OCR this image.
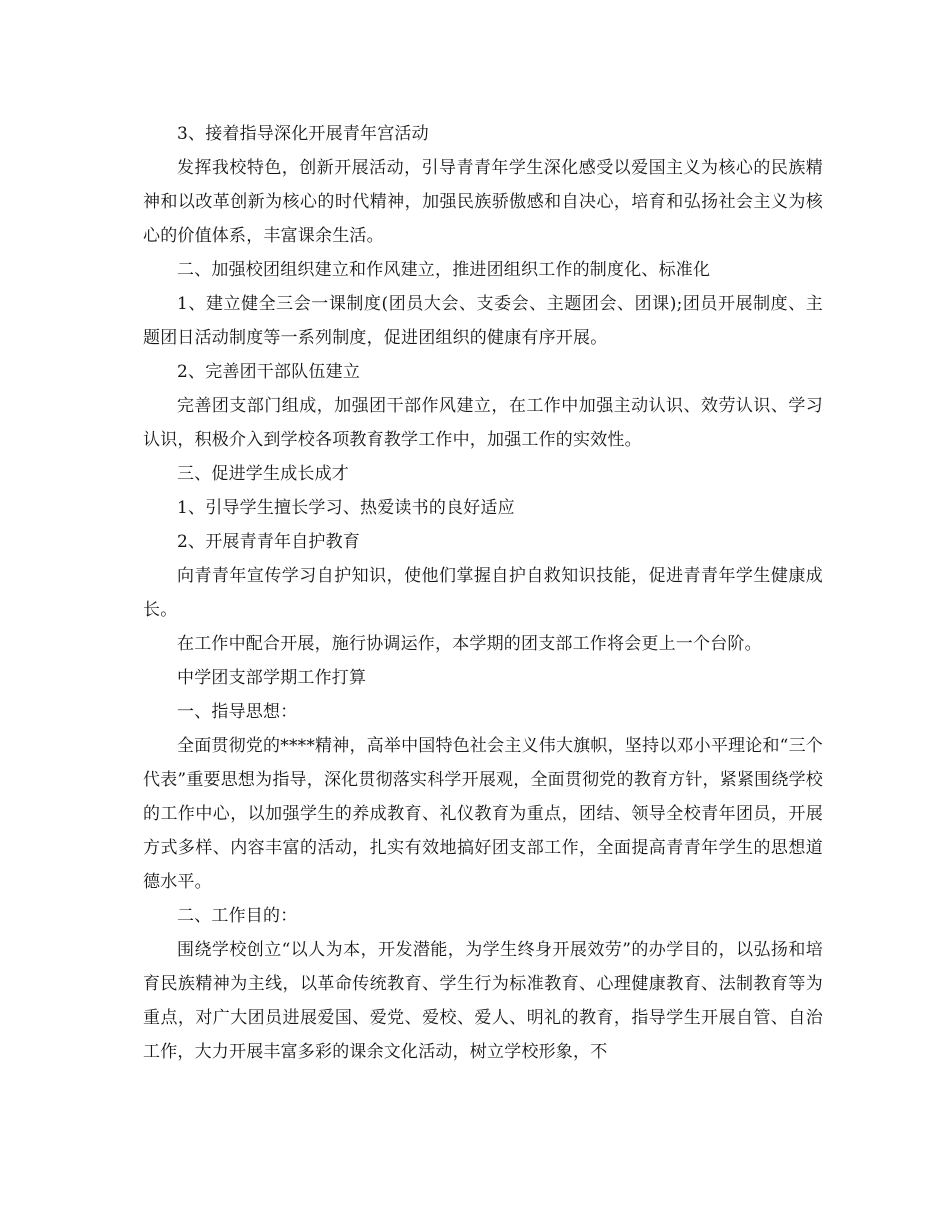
3、接着指导深化开展青年宫活动

发挥我校特色，创新开展活动，引导青青年学生深化感受以爱国主义为核心的民族精神和以改革创新为核心的时代精神，加强民族骄傲感和自决心，培育和弘扬社会主义为核心的价值体系，丰富课余生活。

二、加强校团组织建立和作风建立，推进团组织工作的制度化、标准化

1、建立健全三会一课制度(团员大会、支委会、主题团会、团课);团员开展制度、主题团日活动制度等一系列制度，促进团组织的健康有序开展。

2、完善团干部队伍建立

完善团支部门组成，加强团干部作风建立，在工作中加强主动认识、效劳认识、学习认识，积极介入到学校各项教育教学工作中，加强工作的实效性。

三、促进学生成长成才

1、引导学生擅长学习、热爱读书的良好适应

2、开展青青年自护教育

向青青年宣传学习自护知识，使他们掌握自护自救知识技能，促进青青年学生健康成长。

在工作中配合开展，施行协调运作，本学期的团支部工作将会更上一个台阶。

中学团支部学期工作打算

一、指导思想：

全面贯彻党的****精神，高举中国特色社会主义伟大旗帜，坚持以邓小平理论和“三个代表”重要思想为指导，深化贯彻落实科学开展观，全面贯彻党的教育方针，紧紧围绕学校的工作中心，以加强学生的养成教育、礼仪教育为重点，团结、领导全校青年团员，开展方式多样、内容丰富的活动，扎实有效地搞好团支部工作，全面提高青青年学生的思想道德水平。

二、工作目的：

围绕学校创立“以人为本，开发潜能，为学生终身开展效劳”的办学目的，以弘扬和培育民族精神为主线，以革命传统教育、学生行为标准教育、心理健康教育、法制教育等为重点，对广大团员进展爱国、爱党、爱校、爱人、明礼的教育，指导学生开展自管、自治工作，大力开展丰富多彩的课余文化活动，树立学校形象，不
